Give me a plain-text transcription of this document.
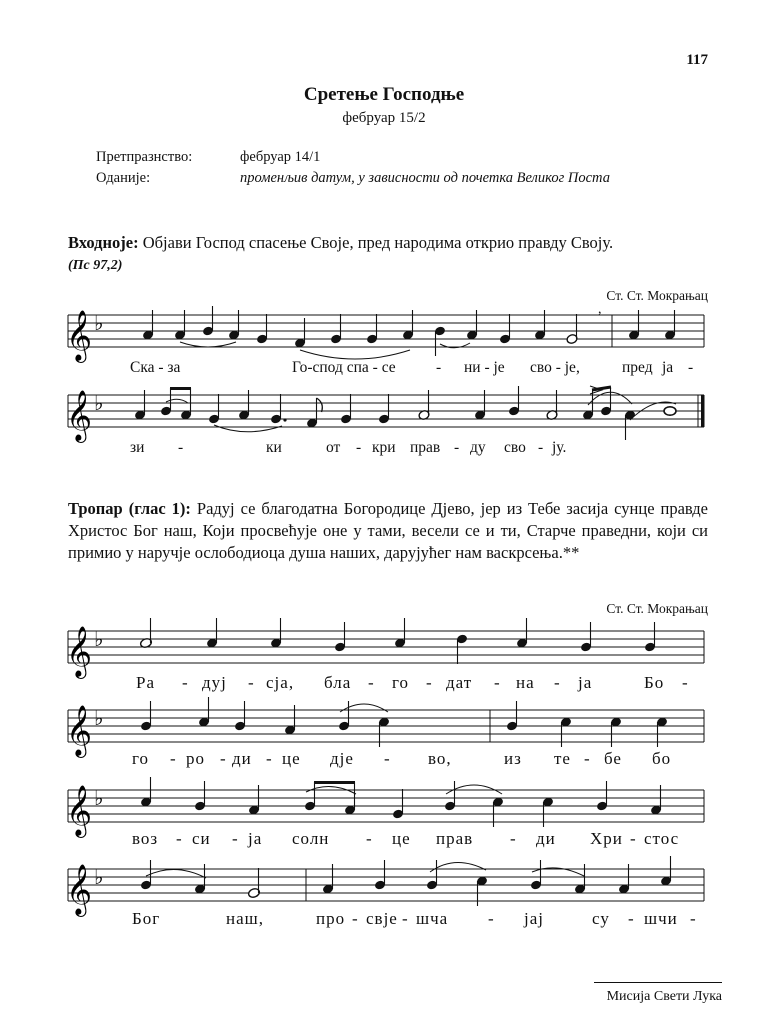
117
Сретење Господње
фебруар 15/2
Претпразнство:	фебруар 14/1
Оданије:	променљив датум, у зависности од почетка Великог Поста
Входноје: Објави Господ спасење Своје, пред народима открио правду Своју.
(Пс 97,2)
Ст. Ст. Мокрањац
Тропар (глас 1): Радуј се благодатна Богородице Дјево, јер из Тебе засија сунце правде Христос Бог наш, Који просвећује оне у тами, весели се и ти, Старче праведни, који си примио у наручје ослободиоца душа наших, дарујућег нам васкрсења.**
Ст. Ст. Мокрањац
𝄞 ♭
,
Ска - за	Го-спод спа - се	- ни - је сво - је,	пред ја -
𝄞 ♭
зи -	ки	от - кри прав - ду сво - ју.
𝄞 ♭
Ра - дуј - сја, бла - го - дат - на - ја	Бо -
𝄞 ♭
го - ро - ди - це дје - во,	из те - бе бо
𝄞 ♭
воз - си - ја солн - це прав - ди Хри - стос
𝄞 ♭
Бог	наш,	про - свје - шча - јај	су - шчи -
Мисија Свети Лука
